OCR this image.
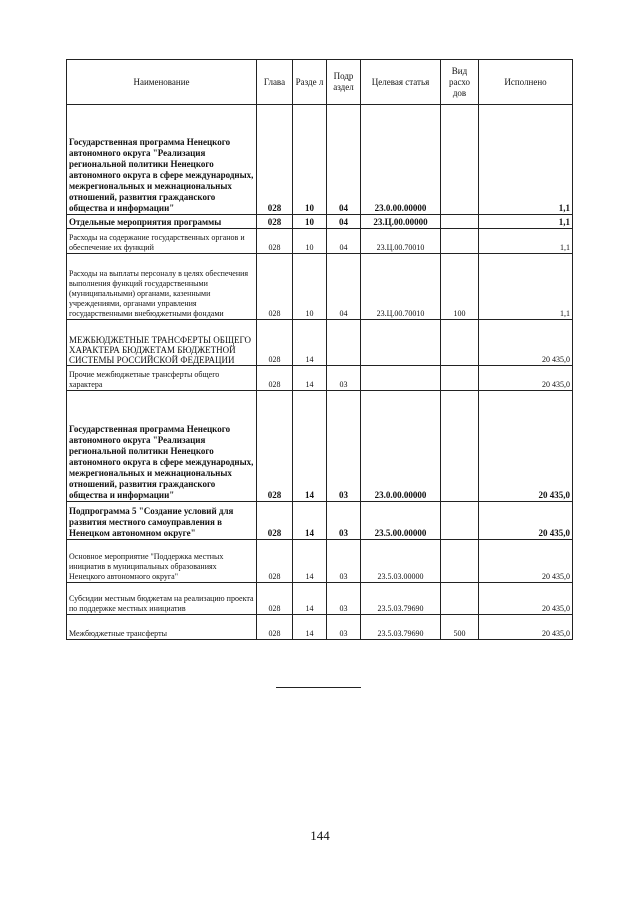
Наименование	Глава	Разде л	Подр аздел	Целевая статья	Вид расхо дов	Исполнено
Государственная программа Ненецкого автономного округа "Реализация региональной политики Ненецкого автономного округа в сфере международных, межрегиональных и межнациональных отношений, развития гражданского общества и информации"	028	10	04	23.0.00.00000		1,1
Отдельные мероприятия программы	028	10	04	23.Ц.00.00000		1,1
Расходы на содержание государственных органов и обеспечение их функций	028	10	04	23.Ц.00.70010		1,1
Расходы на выплаты персоналу в целях обеспечения выполнения функций государственными (муниципальными) органами, казенными учреждениями, органами управления государственными внебюджетными фондами	028	10	04	23.Ц.00.70010	100	1,1
МЕЖБЮДЖЕТНЫЕ ТРАНСФЕРТЫ ОБЩЕГО ХАРАКТЕРА БЮДЖЕТАМ БЮДЖЕТНОЙ СИСТЕМЫ РОССИЙСКОЙ ФЕДЕРАЦИИ	028	14				20 435,0
Прочие межбюджетные трансферты общего характера	028	14	03			20 435,0
Государственная программа Ненецкого автономного округа "Реализация региональной политики Ненецкого автономного округа в сфере международных, межрегиональных и межнациональных отношений, развития гражданского общества и информации"	028	14	03	23.0.00.00000		20 435,0
Подпрограмма 5 "Создание условий для развития местного самоуправления в Ненецком автономном округе"	028	14	03	23.5.00.00000		20 435,0
Основное мероприятие "Поддержка местных инициатив в муниципальных образованиях Ненецкого автономного округа"	028	14	03	23.5.03.00000		20 435,0
Субсидии местным бюджетам на реализацию проекта по поддержке местных инициатив	028	14	03	23.5.03.79690		20 435,0
Межбюджетные трансферты	028	14	03	23.5.03.79690	500	20 435,0
144
